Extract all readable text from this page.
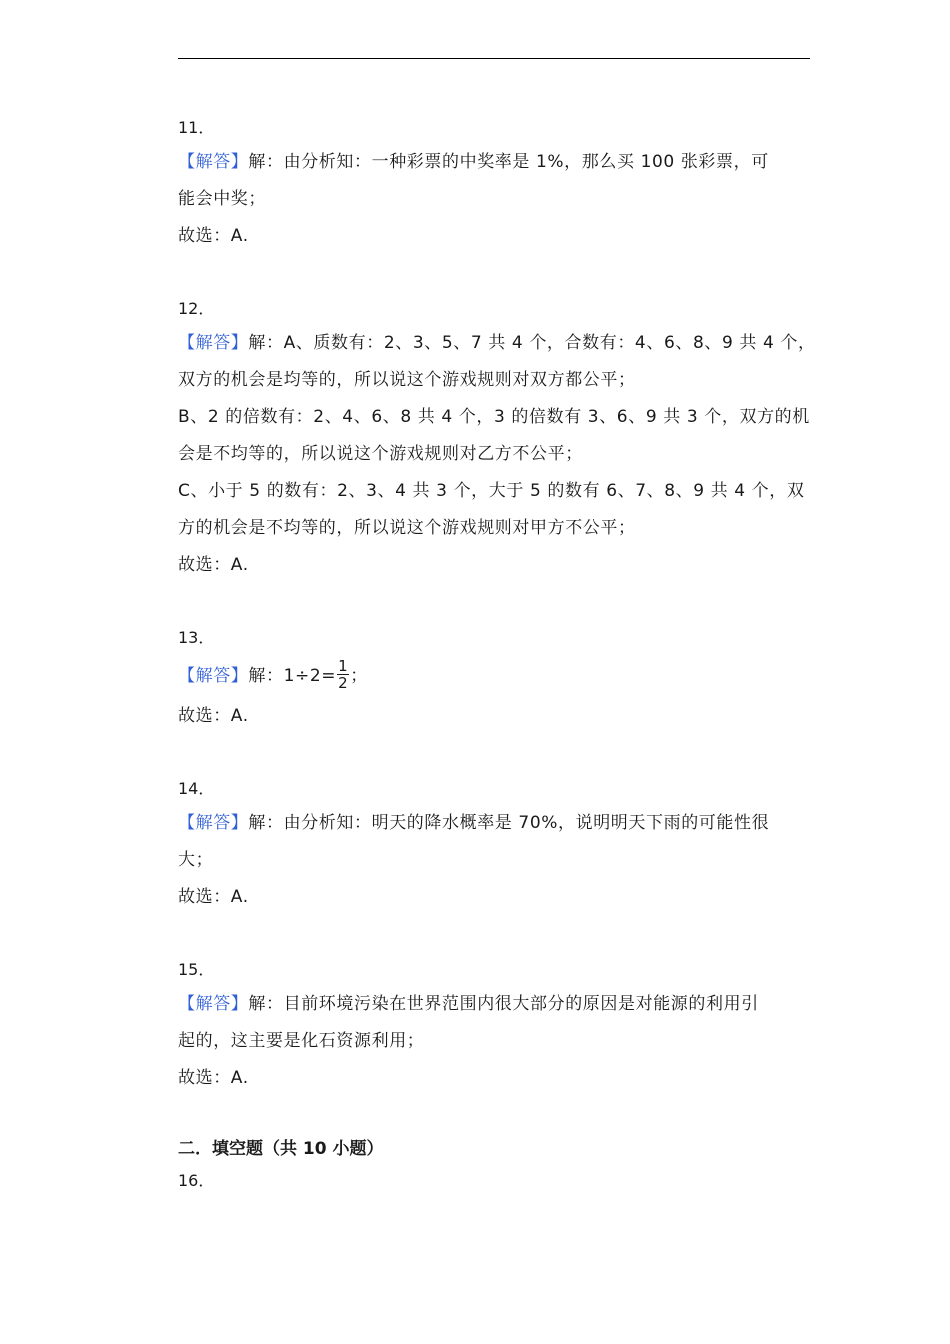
11．
【解答】解：由分析知：一种彩票的中奖率是 1%，那么买 100 张彩票，可
能会中奖；
故选：A.
12．
【解答】解：A、质数有：2、3、5、7 共 4 个，合数有：4、6、8、9 共 4 个，
双方的机会是均等的，所以说这个游戏规则对双方都公平；
B、2 的倍数有：2、4、6、8 共 4 个，3 的倍数有 3、6、9 共 3 个，双方的机
会是不均等的，所以说这个游戏规则对乙方不公平；
C、小于 5 的数有：2、3、4 共 3 个，大于 5 的数有 6、7、8、9 共 4 个，双
方的机会是不均等的，所以说这个游戏规则对甲方不公平；
故选：A.
13．
【解答】解：$1\div 2= \frac{1}{2}$ ；
故选：A.
14．
【解答】解：由分析知：明天的降水概率是 70%，说明明天下雨的可能性很
大；
故选：A.
15．
【解答】解：目前环境污染在世界范围内很大部分的原因是对能源的利用引
起的，这主要是化石资源利用；
故选：A.
二．填空题（共 10 小题）
16．
